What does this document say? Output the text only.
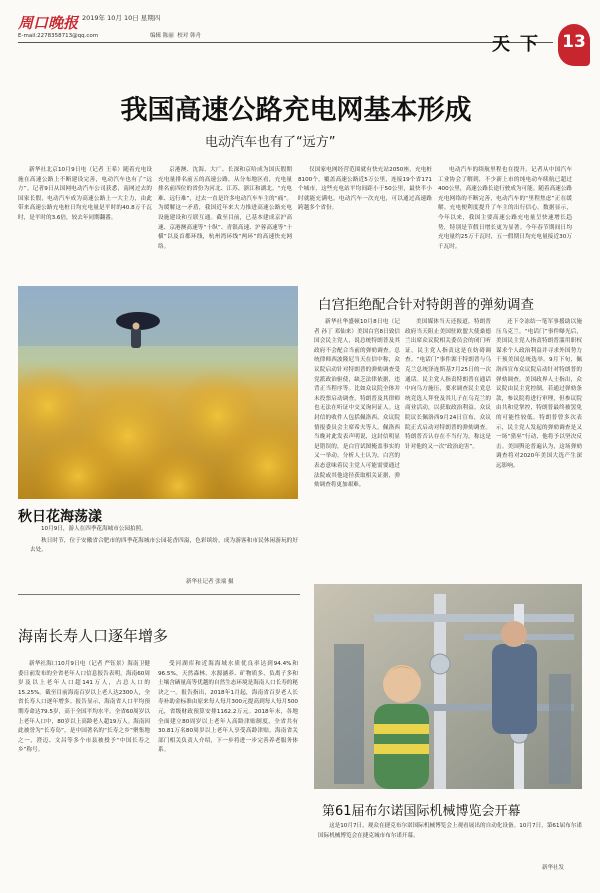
周口晚报 2019年 10月 10日 星期四
E-mail:2278358713@qq.com	编辑 陈丽 校对 韩舟	天下 13
我国高速公路充电网基本形成
电动汽车也有了“远方”

新华社北京10月9日电（记者 王希）随着充电设施在高速公路上不断建设完善，电动汽车也有了“远方”。记者9日从国网电动汽车公司获悉，南网过去的国家长假，电动汽车成为高速公路上一大主力，由此带来高速公路充电桩日均充电量是平时的40.8万千瓦时，是平时的3.6倍，较去年同期翻番。

京港澳、沈海、大广、长深和京哈成为国庆假期充电量排名前五的高速公路，从分布地区看，充电量排名前四位的省份为河北、江苏、浙江和湖北。“充电难、远行难”，过去一直是许多电动汽车车主的“痛”。为缓解这一矛盾，我国近年来大力推进高速公路充电设施建设和互联互通。截至目前，已基本建成京沪高速、京港澳高速等“十纵”、青银高速、沪蓉高速等“十横”以及首都环线，杭州湾环线“两环”的高速快充网络。

仅国家电网经营范围就有快充站2050座，充电桩8100个，覆盖高速公路近5万公里，连接19个省171个城市，这些充电站平均间距小于50公里，最快半小时就能充满电。电动汽车一次充电，可以通过高速路跨越多个省份。

电动汽车的续航里程也在提升。记者从中国汽车工业协会了解到，不少新上市的纯电动车续航已超过400公里，高速公路长途行驶成为可能。随着高速公路充电网络的不断完善，电动汽车的“里程焦虑”正在缓解。充电便利度提升了车主的出行信心。数据显示，今年以来，我国主要高速公路充电量呈快速增长趋势，特别是节假日增长更为显著。今年春节期间日均充电量约25万千瓦时，五一假期日均充电量接近30万千瓦时。

秋日花海荡漾

10月9日，游人在四季花海城市公园拍照。

秋日时节，位于安徽省合肥市的四季花海城市公园花香四溢，色彩缤纷，成为游客和市民休闲游玩的好去处。

新华社记者 张端 摄
白宫拒绝配合针对特朗普的弹劾调查

新华社华盛顿10月8日电（记者 孙丁 邓仙来）美国白宫8日致信国会民主党人，说总统特朗普及其政府不会配合当前的弹劾调查。总统律师西波隆尼当天在信中称，众议院启动针对特朗普的弹劾调查受党派政治驱使，缺乏法律依据，违背正当程序等。比如众议院全体并未投票启动调查，特朗普及其律师也无法在听证中交叉询问证人。这封信的收件人包括佩洛西、众议院情报委员会主席希夫等人。佩洛西当晚对此发表声明说，这封信明显是错误的，是白宫试图掩盖事实的又一举动。分析人士认为，白宫的表态意味着民主党人可能需要通过法院或其他途径获取相关证据，弹劾调查将更加艰难。

美国媒体当天还报道，特朗普政府当天阻止美国驻欧盟大使桑德兰出席众议院相关委员会的闭门听证，民主党人指责这是在妨碍调查。“电话门”事件源于特朗普与乌克兰总统泽连斯基7月25日的一次通话。民主党人指责特朗普在通话中向乌方施压，要求调查民主党总统竞选人拜登及其儿子在乌克兰的商业活动，以获取政治利益。众议院议长佩洛西9月24日宣布，众议院正式启动对特朗普的弹劾调查。特朗普否认存在不当行为，称这是针对他的又一次“政治迫害”。

还下令冻结一笔军事援助以施压乌克兰。“电话门”事件曝光后，美国民主党人指责特朗普滥用职权谋求个人政治利益并寻求外国势力干预美国总统选举。9月下旬，佩洛西宣布众议院启动针对特朗普的弹劾调查。美国政界人士指出，众议院由民主党控制，若通过弹劾条款，参议院将进行审理，但参议院由共和党掌控，特朗普最终被罢免的可能性较低。特朗普曾多次表示，民主党人发起的弹劾调查是又一场“猎巫”行动，他将予以坚决反击。美国舆论普遍认为，这场弹劾调查将对2020年美国大选产生深远影响。

海南长寿人口逐年增多

新华社海口10月9日电（记者 严钰景）海南卫健委日前发布的全省老年人口信息报告表明，海南60周岁及以上老年人口超141万人，占总人口的15.25%。截至目前海南百岁以上老人达2300人，全省长寿人口逐年增多。报告显示，海南省人口平均预期寿命达79.5岁，高于全国平均水平。全省60周岁以上老年人口中，80岁以上高龄老人超19万人。海南因此被誉为“长寿岛”，是中国著名的“长寿之乡”聚集地之一，澄迈、文昌等多个市县被授予“中国长寿之乡”称号。

受河湖库和近海海域水质优良率达到94.4%和96.5%，天然森林、水源涵养、矿物质多、负离子多和土壤含硒量高等优越的自然生态环境是海南人口长寿的秘诀之一。报告指出，2018年1月起，海南省百岁老人长寿补助金标准由原来每人每月300元提高到每人每月500元，省级财政预算安排1162.2万元。2018年末，各地全面建立80周岁以上老年人高龄津贴制度，全省共有30.81万名80周岁以上老年人享受高龄津贴。海南省关部门相关负责人介绍，下一步将进一步完善养老服务体系。

第61届布尔诺国际机械博览会开幕

这是10月7日，观众在捷克布尔诺国际机械博览会上观看展出的自动化设备。10月7日，第61届布尔诺国际机械博览会在捷克城市布尔诺开幕。

新华社发
